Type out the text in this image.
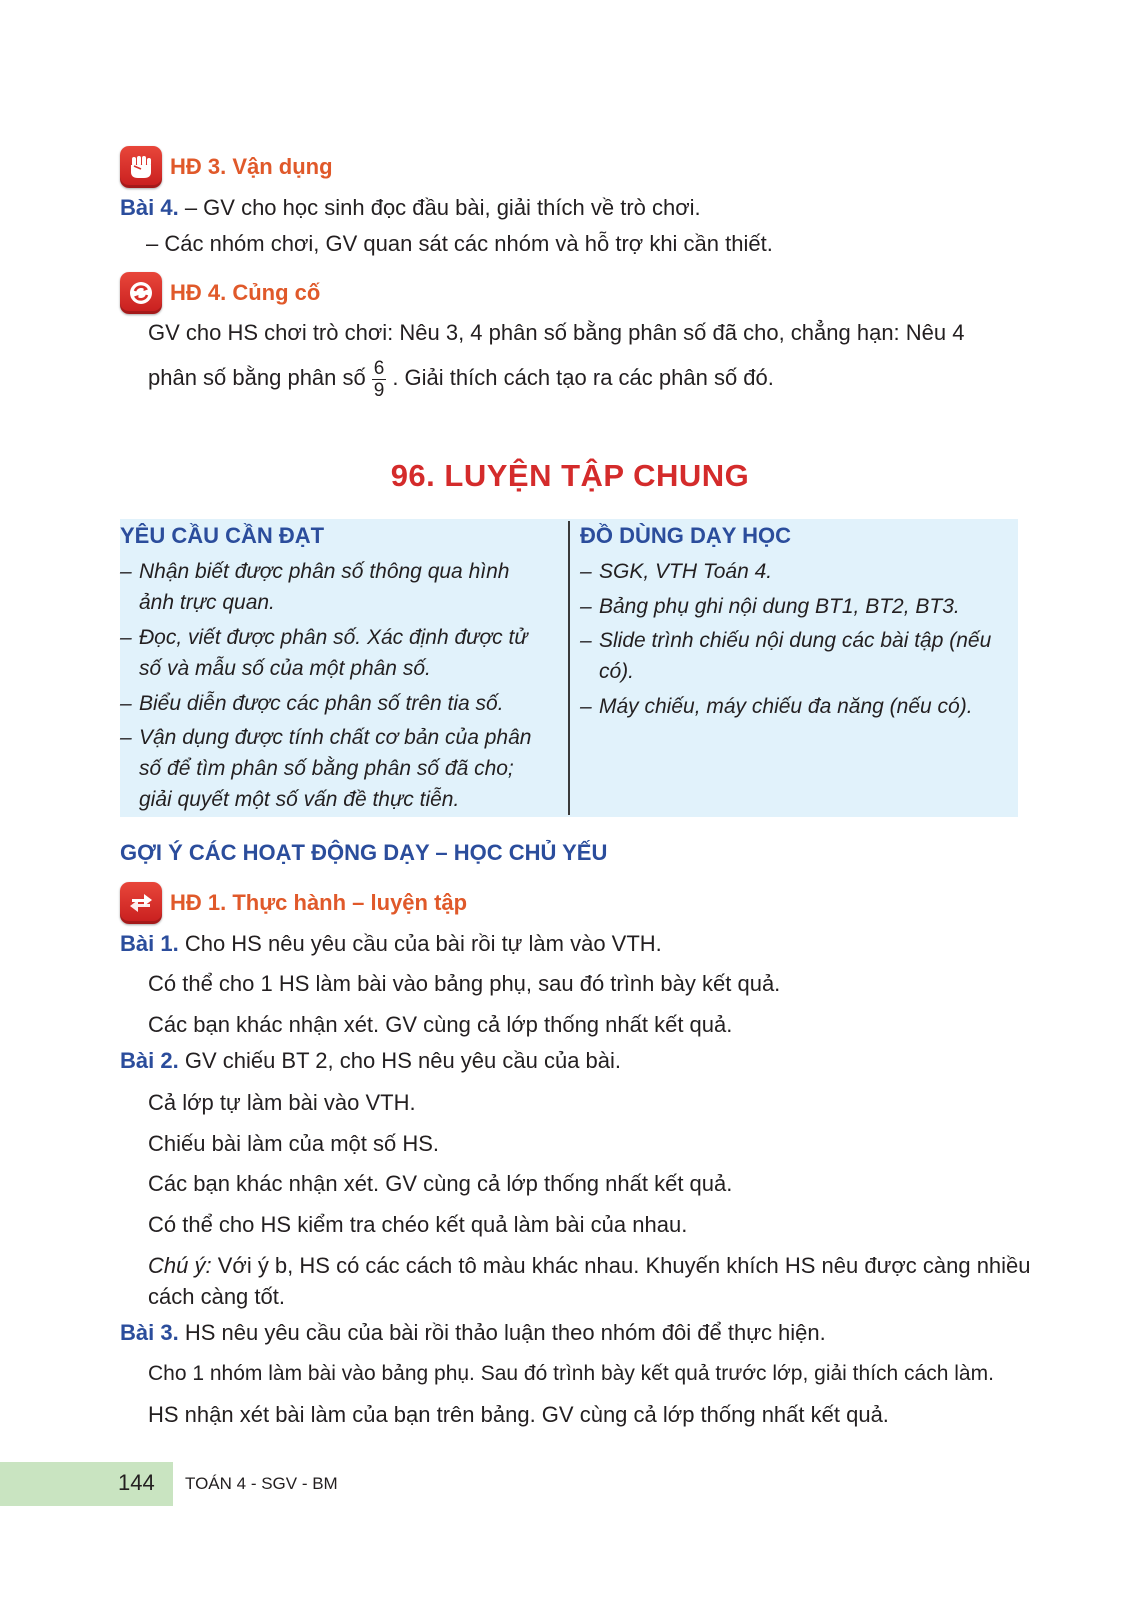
HĐ 3. Vận dụng
Bài 4. – GV cho học sinh đọc đầu bài, giải thích về trò chơi.
– Các nhóm chơi, GV quan sát các nhóm và hỗ trợ khi cần thiết.
HĐ 4. Củng cố
GV cho HS chơi trò chơi: Nêu 3, 4 phân số bằng phân số đã cho, chẳng hạn: Nêu 4
phân số bằng phân số $\frac{6}{9}$ . Giải thích cách tạo ra các phân số đó.
96. LUYỆN TẬP CHUNG
YÊU CẦU CẦN ĐẠT
– Nhận biết được phân số thông qua hình ảnh trực quan.
– Đọc, viết được phân số. Xác định được tử số và mẫu số của một phân số.
– Biểu diễn được các phân số trên tia số.
– Vận dụng được tính chất cơ bản của phân số để tìm phân số bằng phân số đã cho; giải quyết một số vấn đề thực tiễn.
ĐỒ DÙNG DẠY HỌC
– SGK, VTH Toán 4.
– Bảng phụ ghi nội dung BT1, BT2, BT3.
– Slide trình chiếu nội dung các bài tập (nếu có).
– Máy chiếu, máy chiếu đa năng (nếu có).
GỢI Ý CÁC HOẠT ĐỘNG DẠY – HỌC CHỦ YẾU
HĐ 1. Thực hành – luyện tập
Bài 1. Cho HS nêu yêu cầu của bài rồi tự làm vào VTH.
Có thể cho 1 HS làm bài vào bảng phụ, sau đó trình bày kết quả.
Các bạn khác nhận xét. GV cùng cả lớp thống nhất kết quả.
Bài 2. GV chiếu BT 2, cho HS nêu yêu cầu của bài.
Cả lớp tự làm bài vào VTH.
Chiếu bài làm của một số HS.
Các bạn khác nhận xét. GV cùng cả lớp thống nhất kết quả.
Có thể cho HS kiểm tra chéo kết quả làm bài của nhau.
Chú ý: Với ý b, HS có các cách tô màu khác nhau. Khuyến khích HS nêu được càng nhiều
cách càng tốt.
Bài 3. HS nêu yêu cầu của bài rồi thảo luận theo nhóm đôi để thực hiện.
Cho 1 nhóm làm bài vào bảng phụ. Sau đó trình bày kết quả trước lớp, giải thích cách làm.
HS nhận xét bài làm của bạn trên bảng. GV cùng cả lớp thống nhất kết quả.
144 TOÁN 4 - SGV - BM
